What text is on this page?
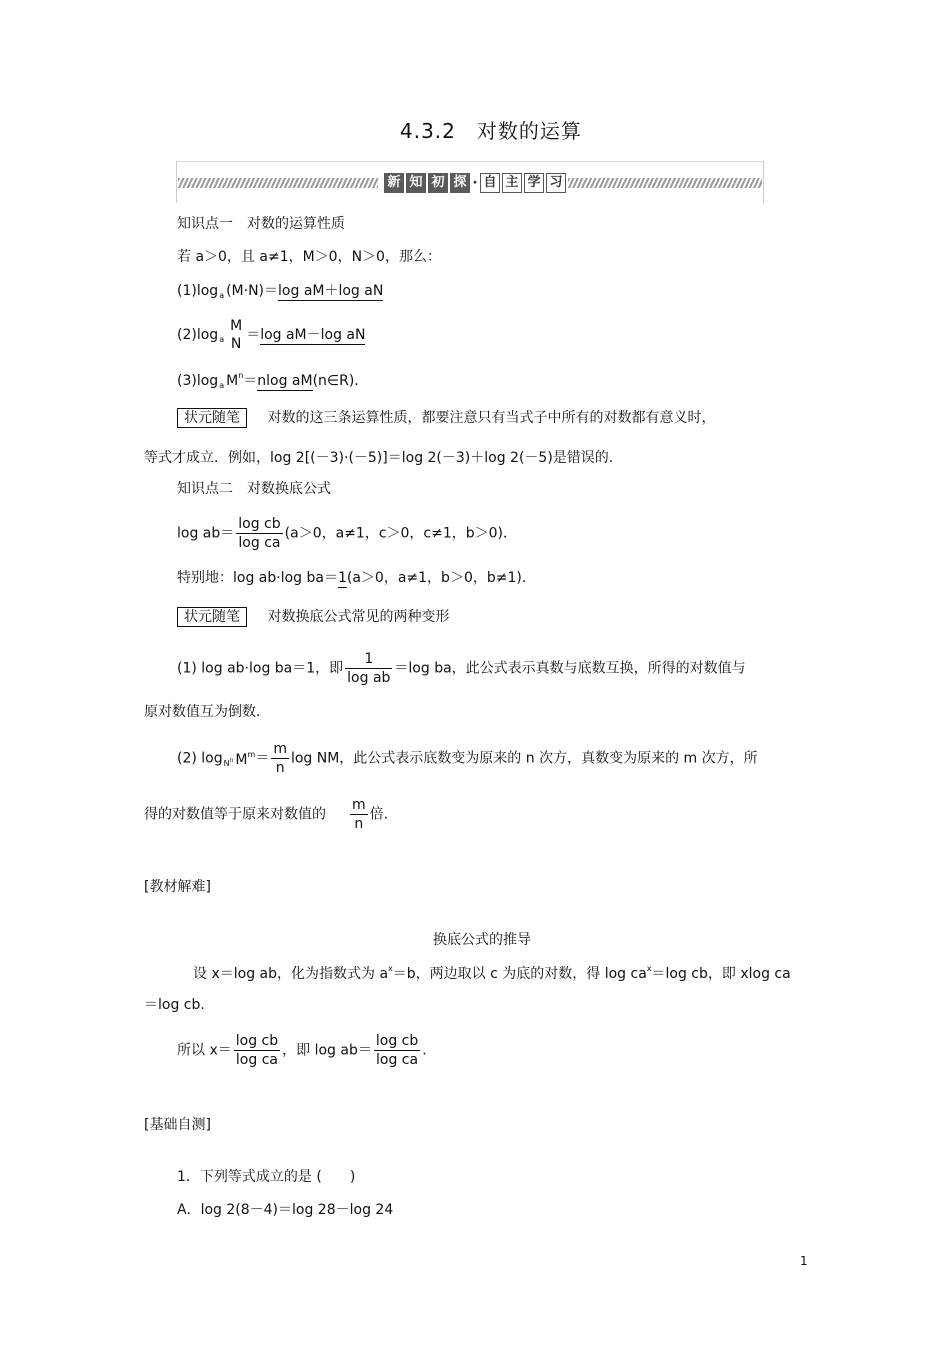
4.3.2　对数的运算
新 知 初 探 · 自 主 学 习
知识点一　对数的运算性质
若 a＞0，且 a≠1，M＞0，N＞0，那么：
$(1)\log_a$ (M·N)＝log aM＋log aN
$(2)\log_a$
M
N
＝log aM－log aN
$(3)\log_a$ $M^n=nlog$ aM(n∈R)．
状元随笔 对数的这三条运算性质，都要注意只有当式子中所有的对数都有意义时，
等式才成立．例如，log 2[(－3)·(－5)]＝log 2(－3)＋log 2(－5)是错误的.
知识点二　对数换底公式
$\log ab= \frac{\text{log cb}}{\text{log ca}} (a>0$，a≠1，c＞0，c≠1，b＞0)．
特别地：log ab·log ba＝1(a＞0，a≠1，b＞0，b≠1)．
状元随笔 对数换底公式常见的两种变形
(1) log ab·log ba＝1，即 $\frac{1}{\text{log ab}} =\log$ ba，此公式表示真数与底数互换，所得的对数值与
原对数值互为倒数．
(2) $\log_{N^n} M^m= \frac{m}{n}$ log NM，此公式表示底数变为原来的 n 次方，真数变为原来的 m 次方，所
得的对数值等于原来对数值的 $\frac{m}{n}$ 倍.
[教材解难]
换底公式的推导
设 x＝log ab，化为指数式为 $a^x=b$，两边取以 c 为底的对数，得 $\log ca^x=\log$ cb，即 xlog ca
＝log cb.
所以 $x= \frac{\text{log cb}}{\text{log ca}}$ ，即 $\log ab= \frac{\text{log cb}}{\text{log ca}}$ .
[基础自测]
1．下列等式成立的是 (　　)
A．log 2(8－4)＝log 28－log 24
1
